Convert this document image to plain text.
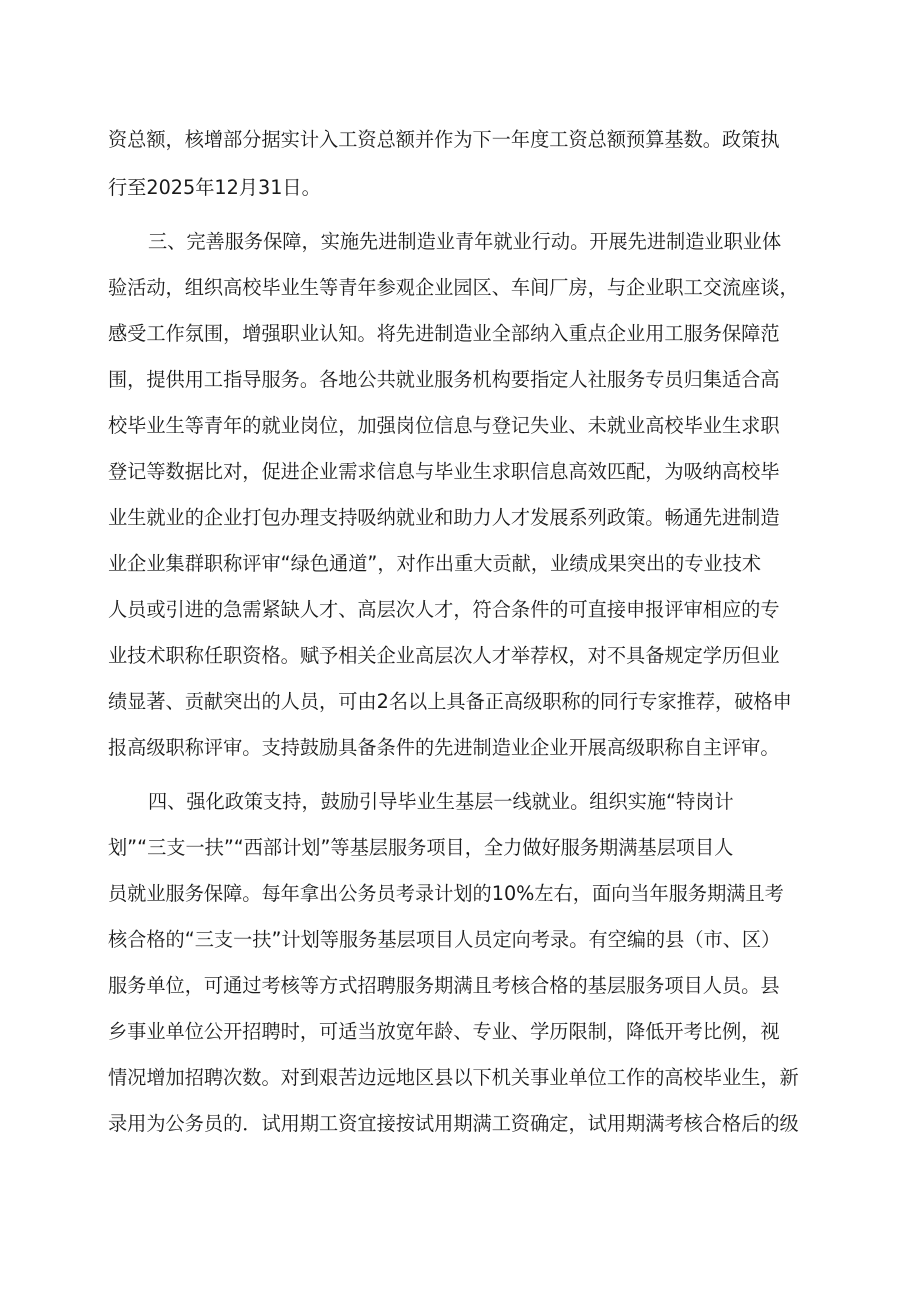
资总额，核增部分据实计入工资总额并作为下一年度工资总额预算基数。政策执
行至2025年12月31日。
三、完善服务保障，实施先进制造业青年就业行动。开展先进制造业职业体
验活动，组织高校毕业生等青年参观企业园区、车间厂房，与企业职工交流座谈，
感受工作氛围，增强职业认知。将先进制造业全部纳入重点企业用工服务保障范
围，提供用工指导服务。各地公共就业服务机构要指定人社服务专员归集适合高
校毕业生等青年的就业岗位，加强岗位信息与登记失业、未就业高校毕业生求职
登记等数据比对，促进企业需求信息与毕业生求职信息高效匹配，为吸纳高校毕
业生就业的企业打包办理支持吸纳就业和助力人才发展系列政策。畅通先进制造
业企业集群职称评审“绿色通道”，对作出重大贡献，业绩成果突出的专业技术
人员或引进的急需紧缺人才、高层次人才，符合条件的可直接申报评审相应的专
业技术职称任职资格。赋予相关企业高层次人才举荐权，对不具备规定学历但业
绩显著、贡献突出的人员，可由2名以上具备正高级职称的同行专家推荐，破格申
报高级职称评审。支持鼓励具备条件的先进制造业企业开展高级职称自主评审。
四、强化政策支持，鼓励引导毕业生基层一线就业。组织实施“特岗计
划”“三支一扶”“西部计划”等基层服务项目，全力做好服务期满基层项目人
员就业服务保障。每年拿出公务员考录计划的10%左右，面向当年服务期满且考
核合格的“三支一扶”计划等服务基层项目人员定向考录。有空编的县（市、区）
服务单位，可通过考核等方式招聘服务期满且考核合格的基层服务项目人员。县
乡事业单位公开招聘时，可适当放宽年龄、专业、学历限制，降低开考比例，视
情况增加招聘次数。对到艰苦边远地区县以下机关事业单位工作的高校毕业生，新
录用为公务员的．试用期工资宜接按试用期满工资确定，试用期满考核合格后的级
